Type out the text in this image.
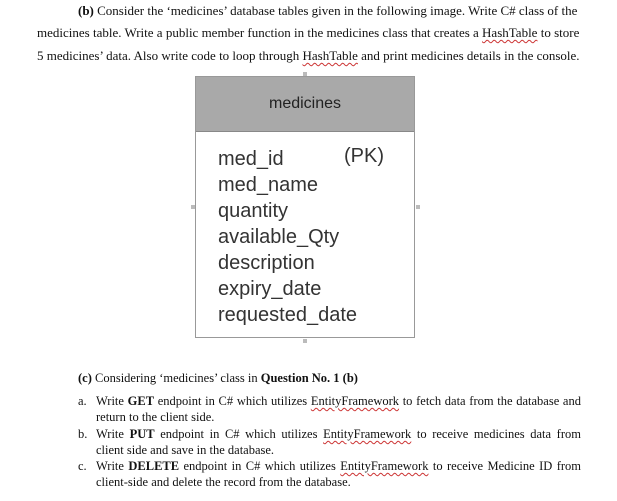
(b) Consider the ‘medicines’ database tables given in the following image. Write C# class of the
medicines table. Write a public member function in the medicines class that creates a HashTable to store
5 medicines’ data. Also write code to loop through HashTable and print medicines details in the console.
medicines
med_id
med_name
quantity
available_Qty
description
expiry_date
requested_date
(PK)
(c) Considering ‘medicines’ class in Question No. 1 (b)
a. Write GET endpoint in C# which utilizes EntityFramework to fetch data from the database and return to the client side.
b. Write PUT endpoint in C# which utilizes EntityFramework to receive medicines data from client side and save in the database.
c. Write DELETE endpoint in C# which utilizes EntityFramework to receive Medicine ID from client-side and delete the record from the database.
